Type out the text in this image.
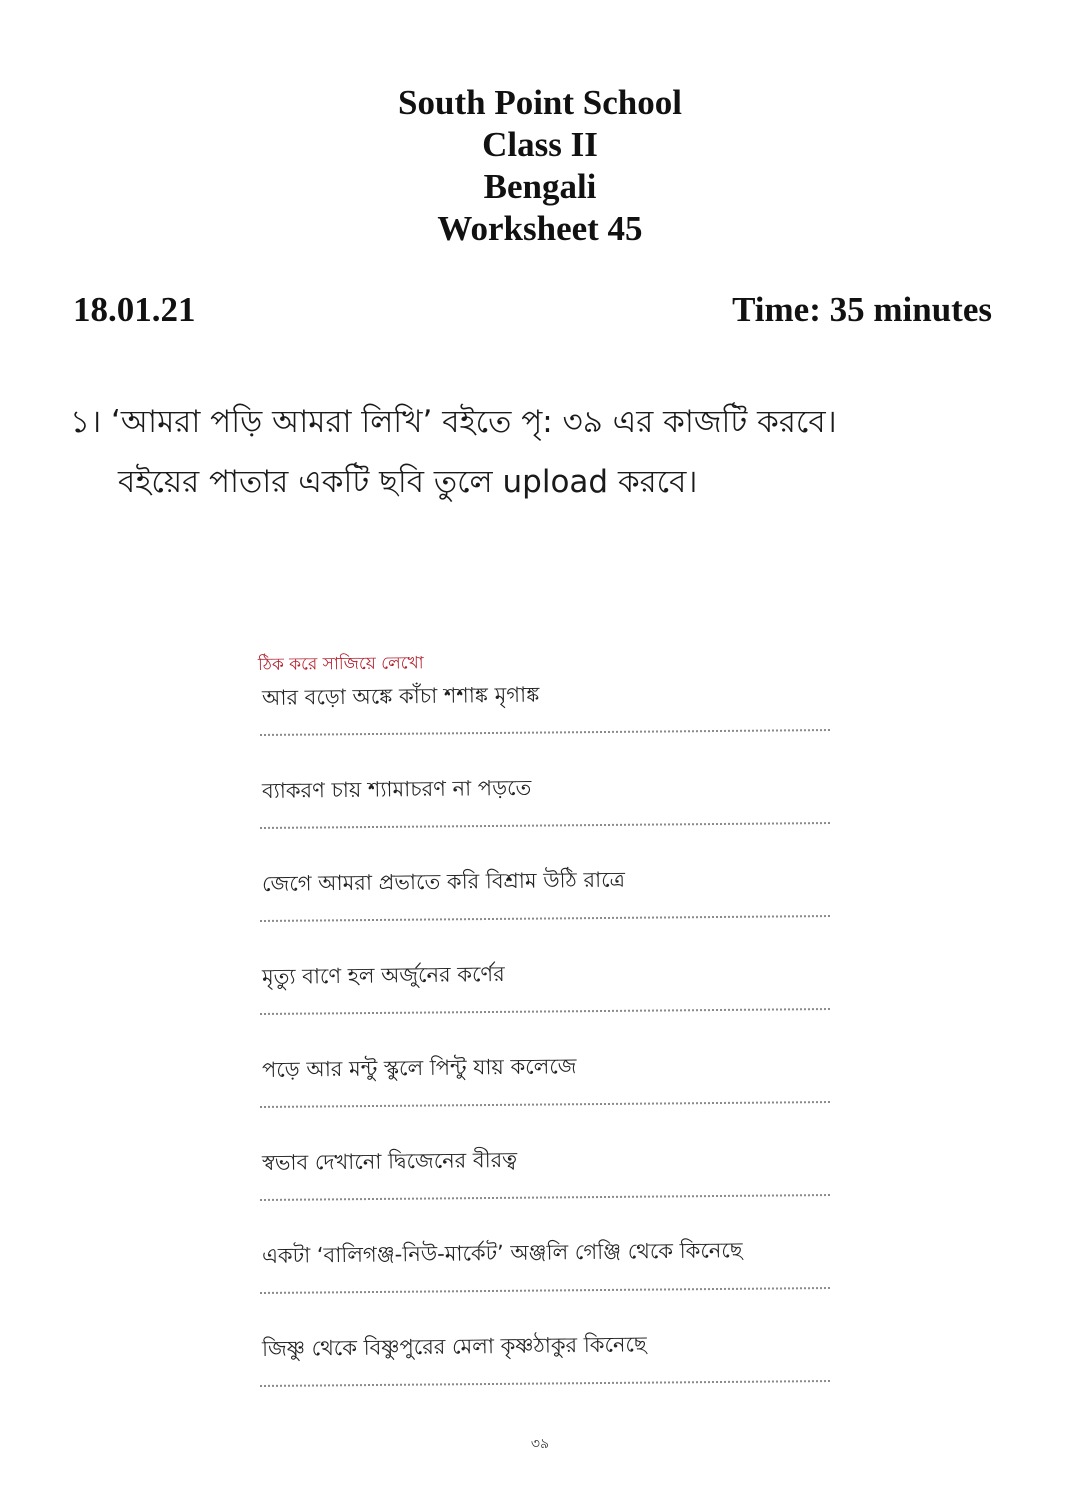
South Point School
Class II
Bengali
Worksheet 45
18.01.21	Time: 35 minutes
১। ‘আমরা পড়ি আমরা লিখি’ বইতে পৃ: ৩৯ এর কাজটি করবে।
বইয়ের পাতার একটি ছবি তুলে upload করবে।
ঠিক করে সাজিয়ে লেখো
আর বড়ো অঙ্কে কাঁচা শশাঙ্ক মৃগাঙ্ক
ব্যাকরণ চায় শ্যামাচরণ না পড়তে
জেগে আমরা প্রভাতে করি বিশ্রাম উঠি রাত্রে
মৃত্যু বাণে হল অর্জুনের কর্ণের
পড়ে আর মন্টু স্কুলে পিন্টু যায় কলেজে
স্বভাব দেখানো দ্বিজেনের বীরত্ব
একটা ‘বালিগঞ্জ-নিউ-মার্কেট’ অঞ্জলি গেঞ্জি থেকে কিনেছে
জিষ্ণু থেকে বিষ্ণুপুরের মেলা কৃষ্ণঠাকুর কিনেছে
৩৯
